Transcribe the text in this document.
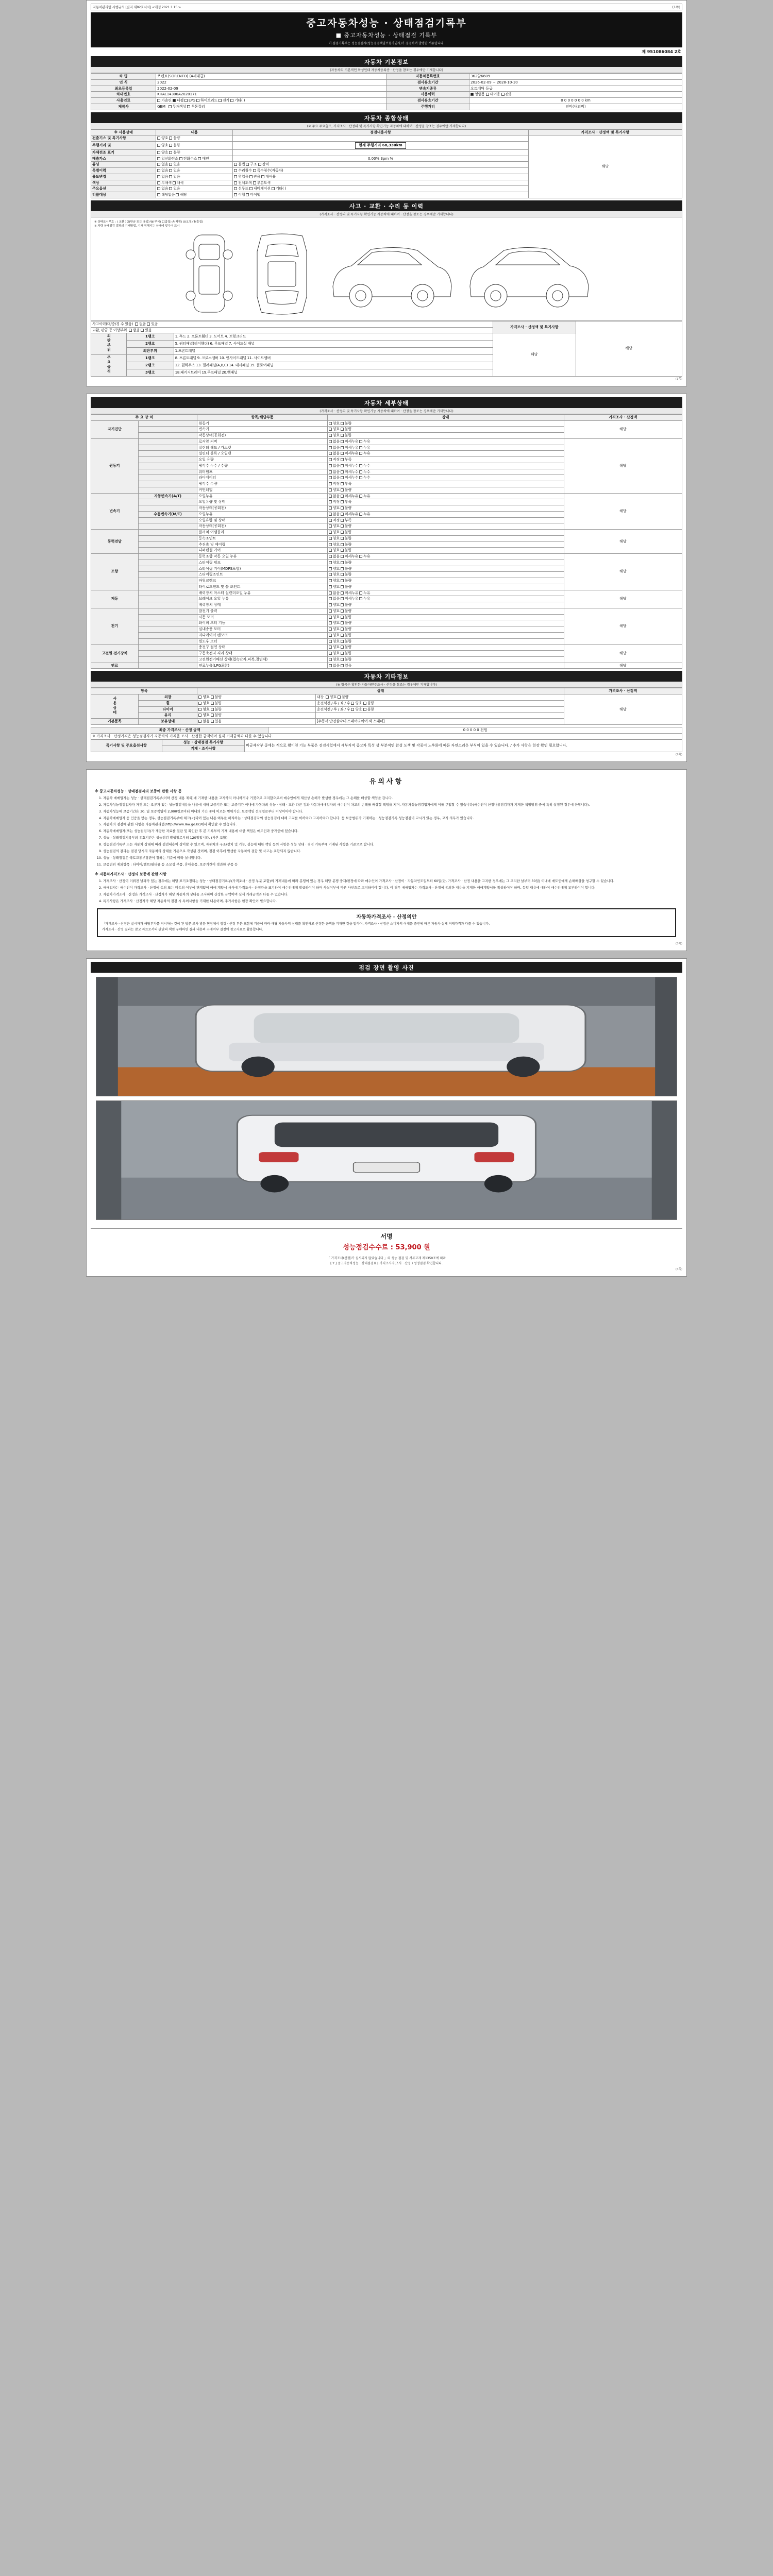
자동차관리법 시행규칙 [별지 제82호서식] <개정 2021.1.15.>	(1쪽)
중고자동차성능 · 상태점검기록부
■ 중고자동차성능 · 상태점검 기록부
이 점검기록부는 성능점검자(성능점검책임보험가입자)가 점검하여 발행한 서류입니다.
제 951086084 2호
자동차 기본정보
(자동차의 기본적인 특성인데 자동차등록증 · 산정을 참조는 경우에만 기재합니다)
차 명	쏘렌토(SORENTO) (4세대급)	자동차등록번호	362암6609
연 식	2022	검사유효기간	2026-02-09 ~ 2028-10-30
최초등록일	2022-02-09	변속기종류	오토메틱 등급
차대번호	KHAL14300A2020171	사용이력	영업용 대여용 관용
사용연료	가솔린 디젤 LPG 하이브리드 전기 기타( )	검사유효기간	0 0 0 0 0 0 0 km
제작사	GBM 무채색상 투톤컬러	주행거리	연비(내외비)
자동차 종합상태
(※ 주요 주요출조, 가격조사 · 산정의 및 특기사항 확인기능 자동차에 대하여 · 산정을 참조는 경우에만 기재합니다)
※ 사용상태	내용	점검내용사항	가격조사 · 산정액 및 특기사항
전출기스 및 특기사항	양호 불량		해당
주행거리 및	양호 불량	현재 주행거리 68,330km	
자체전조 표기	양호 불량		
배출가스	일산화탄소 탄화수소 매연	0.00% 3pm %	
튜닝	없음 있음	불법 구조 장치	
특별이력	없음 있음	수리침수 특수침수(자동차)	
용도변경	없음 있음	영업용 관용 대여용	
색상	무채색 채색	전체도색 부분도색	
주요옵션	없음 있음	선루프 내비게이션 기타( )	
리콜대상	해당없음 해당	이행 미이행	
사고 · 교환 · 수리 등 이력
(가격조사 · 산정의 및 특기사항 확인기능 자동차에 대하여 · 산정을 참조는 경우에만 기재합니다)
※ 상태표시부호 : ( 교환 ) X(판금 또는 용접) W(부식) C(흠집) A(찍힘) U(요철) T(흠집)
※ 차량 상태점검 결과의 기재방법, 기재 위해지는 상태에 맞추어 표시
사고이력(대/중/경 수 있음) 없음 있음			가격조사 · 산정액 및 특기사항	해당
교환, 판금 등 이상부위 없음 있음				
외판부위	1랭크	1. 후드 2. 프론트휀더 3. 도어브 4. 트렁크리드	해당	
	2랭크	5. 쿼터패널(리어휀더) 6. 루프패널 7. 사이드실 패널		
	외판부위	1.프론트패널		
주요골격	1랭크	8. 프론트패널 9. 크로스멤버 10. 인사이드패널 11. 사이드멤버		
	2랭크	12. 휠하우스 13. 필러패널(A,B,C) 14. 대시패널 15. 플로어패널		
	3랭크	18.패키지트레이 19.루프패널 20.백패널		
(1쪽)
자동차 세부상태
(가격조사 · 산정의 및 특기사항 확인기능 자동차에 대하여 · 산정을 참조는 경우에만 기재합니다)
주 요 장 치		항목/해당부품	상태	가격조사 · 산정액
자기진단		원동기	양호 불량	해당
		변속기	양호 불량	
		작동상태(공회전)	양호 불량	
원동기		로커암 커버	없음 미세누유 누유	해당
		실린더 헤드 / 가스켓	없음 미세누유 누유	
		실린더 블록 / 오일팬	없음 미세누유 누유	
		오일 유량	적정 부족	
		냉각수 누수 / 수량	없음 미세누수 누수	
		워터펌프	없음 미세누수 누수	
		라디에이터	없음 미세누수 누수	
		냉각수 수량	적정 부족	
		커먼레일	양호 불량	
변속기	자동변속기(A/T)	오일누유	없음 미세누유 누유	해당
		오일유량 및 상태	적정 부족	
		작동상태(공회전)	양호 불량	
	수동변속기(M/T)	오일누유	없음 미세누유 누유	
		오일유량 및 상태	적정 부족	
		작동상태(공회전)	양호 불량	
동력전달		클러치 어셈블리	양호 불량	해당
		등속조인트	양호 불량	
		추진축 및 베어링	양호 불량	
		디퍼렌셜 기어	양호 불량	
조향		동력조향 작동 오일 누유	없음 미세누유 누유	해당
		스티어링 펌프	양호 불량	
		스티어링 기어(MDPS포함)	양호 불량	
		스티어링조인트	양호 불량	
		파워크랭크	양호 불량	
		타이로드엔드 및 볼 조인트	양호 불량	
제동		배력장치 마스터 실린더오일 누유	없음 미세누유 누유	해당
		브레이크 오일 누유	없음 미세누유 누유	
		베력장치 상태	양호 불량	
전기		발전기 출력	양호 불량	해당
		시동 모터	양호 불량	
		와이퍼 모터 기능	양호 불량	
		실내송풍 모터	양호 불량	
		라디에이터 팬모터	양호 불량	
		윈도우 모터	양호 불량	
고전원 전기장치		충전구 절연 상태	양호 불량	해당
		구동축전지 격리 상태	양호 불량	
		고전원전기배선 상태(접속단자,피복,절연체)	양호 불량	
연료		연료누출(LPG포함)	없음 있음	해당
자동차 기타정보
(※ 항목은 확인한 자동차만주조사 · 산정을 참조는 경우에만 기재합니다)
항목		상태		가격조사 · 산정액
사용상태	외장	양호 불량	내장 양호 불량	해당
	휠	양호 불량	운전석전 / 후 / 좌 / 우 양호 불량	
	타이어	양호 불량	운전석전 / 후 / 좌 / 우 양호 불량	
	유리	양호 불량		
기본품목	보유상태	없음 있음	[수동서 안전삼각대 스페어타이어 잭 스패너]	
최종 가격조사 · 산정 금액	0 0 0 0 0 천원
※ 가격조사 · 산정가격은 성능점검자가 자동차의 가격을 조사 · 산정한 금액이며 실제 거래금액과 다를 수 있습니다.
특기사항 및 주요옵션사항	성능 · 상태점검 특기사항	비금제작부 중에는 적으로 활비친 기능 부품은 검검시험에서 세부지적 중고차 특성 상 부분적인 완성 도색 및 각종이 노후화에 따른 자연스러운 부식이 있을 수 있습니다. / 추가 사항은 현장 확인 필요합니다.
기재 · 조사사항
(2쪽)
유의사항
※ 중고자동차성능 · 상태점검자의 보증에 관한 사항 등
1. 자동차 매매업자는 성능 · 상태점검기록부(이하 산정 내용 제외)에 기재한 내용을 고지하지 아니하거나 거짓으로 고지함으로써 매수인에게 재산상 손해가 발생한 경우에는 그 손해를 배상할 책임을 갑니다.
2. 자동차성능점검업자가 거짓 또는 오류가 있는 성능점검내용을 내용에 대해 보증기간 또는 보증기간 이내에 자동차의 성능 · 상태 · 교환 다른 것과 자동차매매업자의 매수인이 차고의 손해를 배상할 책임을 지며, 자동차성능점검업자에게 이를 구입할 수 있습니다(매수인이 산정내용점검자가 기재한 책임범위 중에 특히 설정된 경우에 한합니다).
3. 자동차성능에 보증기간은 30. 일 보증책임이 2,000킬로미터 이내의 기간 중에 이르는 범위기간, 보증책임 선정일로부터 이상이어야 합니다.
4. 자동차매매업자 등 인증을 받는 경우, 성능점검기록부에 체크(✓)되어 있는 내용 여부를 하지하는 · 상태점검자의 성능점검에 대해 고지를 이하여야 고지하여야 합니다. 등 보증범위가 기재하는 · 성능점검기록 성능점검비 교시가 있는 경우, 고지 의무가 있습니다.
5. 자동차의 점검에 관한 사항은 자동차관리법(http://www.law.go.kr)에서 확인할 수 있습니다.
6. 자동차매매업자(또는 성능점검자)가 제공한 자료를 열람 및 확인한 후 본 기록부의 기재 내용에 대한 책임은 매도인과 중개인에 있습니다.
7. 성능 · 상태점검기록부의 유효기간은 성능점검 발행일로부터 120일입니다. (사본 포함)
8. 성능점검기록부 또는 자동차 상태에 따라 검검내용이 상이할 수 있으며, 자동차의 구조/장치 및 기능, 성능에 대한 책임 등의 사항은 성능 상태 · 점검 기록부에 기재된 사항을 기준으로 합니다.
9. 성능점검의 결과는 점검 당시의 자동차의 상태를 기준으로 작성된 것이며, 점검 이후에 발생한 자동차의 결함 및 사고는 포함되지 않습니다.
10. 성능 · 상태점검은 국토교통부장관이 정하는 기준에 따라 실시합니다.
11. 보증범위 제외항목 : 타이어/밸브/필터류 등 소모성 부품, 휴대용품, 보증기간이 경과한 부품 등
※ 자동차가격조사 · 산정의 보증에 관한 사항
1. 가격조사 · 산정이 이뤄진 날짜가 있는 경우에는 해당 표기조정되는 성능 · 상태점검기록부(가격조사 · 산정 부분 포함)의 기재내용에 따라 분쟁이 있는 경우 해당 분쟁 중재/판정에 따라 매수인이 가격조사 · 산정이 · 자동차인도일부터 60일(단, 가격조사 · 산정 내용을 고지한 경우에는 그 고지한 날부터 30일) 이내에 매도인에게 손해배상을 청구할 수 있습니다.
2. 매매업자는 매수인이 가격조사 · 산정에 동의 또는 미동의 여부에 관계없이 매매 계약서 서식에 가격조사 · 산정란을 표기하여 매수인에게 발급하여야 하며 사실여부에 따른 사인으로 고지하여야 합니다. 이 경우 매매업자는 가격조사 · 산정에 동의한 내용을 기재한 매매계약서를 작성하여야 하며, 동일 내용에 대하여 매수인에게 교부하여야 합니다.
3. 자동차가격조사 · 산정은 가격조사 · 산정자가 해당 자동차의 상태를 조사하여 산정한 금액이며 실제 거래금액과 다를 수 있습니다.
4. 특기사항은 가격조사 · 산정자가 해당 자동차의 점검 시 특이사항을 기재한 내용이며, 추가사항은 현장 확인이 필요합니다.
자동차가격조사 · 산정의안

「가격조사 · 산정은 실시자가 해당부가를 적시하는 것이 된 방문 조사 방문 현장에서 점검 · 산정 부분 포함에 기준에 따라 해당 자동차의 상태를 확인하고 산정한 금액을 기재한 것을 말하며, 가격조사 · 산정은 소비자의 이해를 증진에 따른 자동차 실제 거래가격과 다를 수 있습니다.

가격조사 · 산정 결과는 참고 자료로서의 판단의 책임 구매하면 결과 내용의 구매여부 결정에 참고자료로 활용합니다.

(3쪽)
점검 장면 촬영 사진
서명
성능점검수수료 : 53,900 원
「 가격조사(산정)가 실시되지 않았습니다 」의 성능 점검 및 서류교재 제1350조에 따라
[ Y ] 중고자동차성능 · 상태점검표 [ 가격조사자(조사 · 산정 ) 성명점검 확인합니다.
(4쪽)
